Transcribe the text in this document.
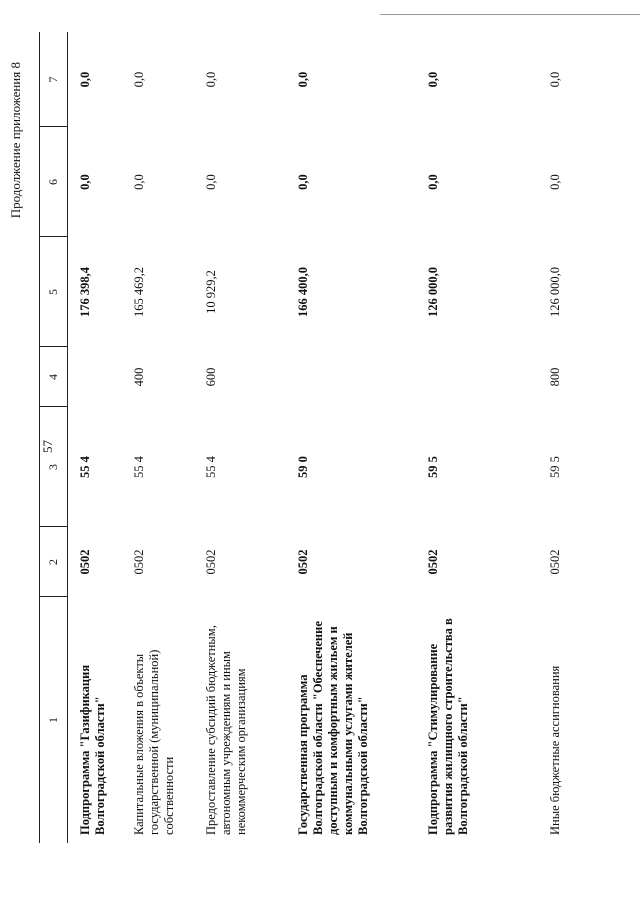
57
Продолжение приложения 8
1
2
3
4
5
6
7
Подпрограмма "Газификация Волгоградской области"
0502
55 4
176 398,4
0,0
0,0
Капитальные вложения в объекты государственной (муниципальной) собственности
0502
55 4
400
165 469,2
0,0
0,0
Предоставление субсидий бюджетным, автономным учреждениям и иным некоммерческим организациям
0502
55 4
600
10 929,2
0,0
0,0
Государственная программа Волгоградской области "Обеспечение доступным и комфортным жильем и коммунальными услугами жителей Волгоградской области"
0502
59 0
166 400,0
0,0
0,0
Подпрограмма "Стимулирование развития жилищного строительства в Волгоградской области"
0502
59 5
126 000,0
0,0
0,0
Иные бюджетные ассигнования
0502
59 5
800
126 000,0
0,0
0,0
